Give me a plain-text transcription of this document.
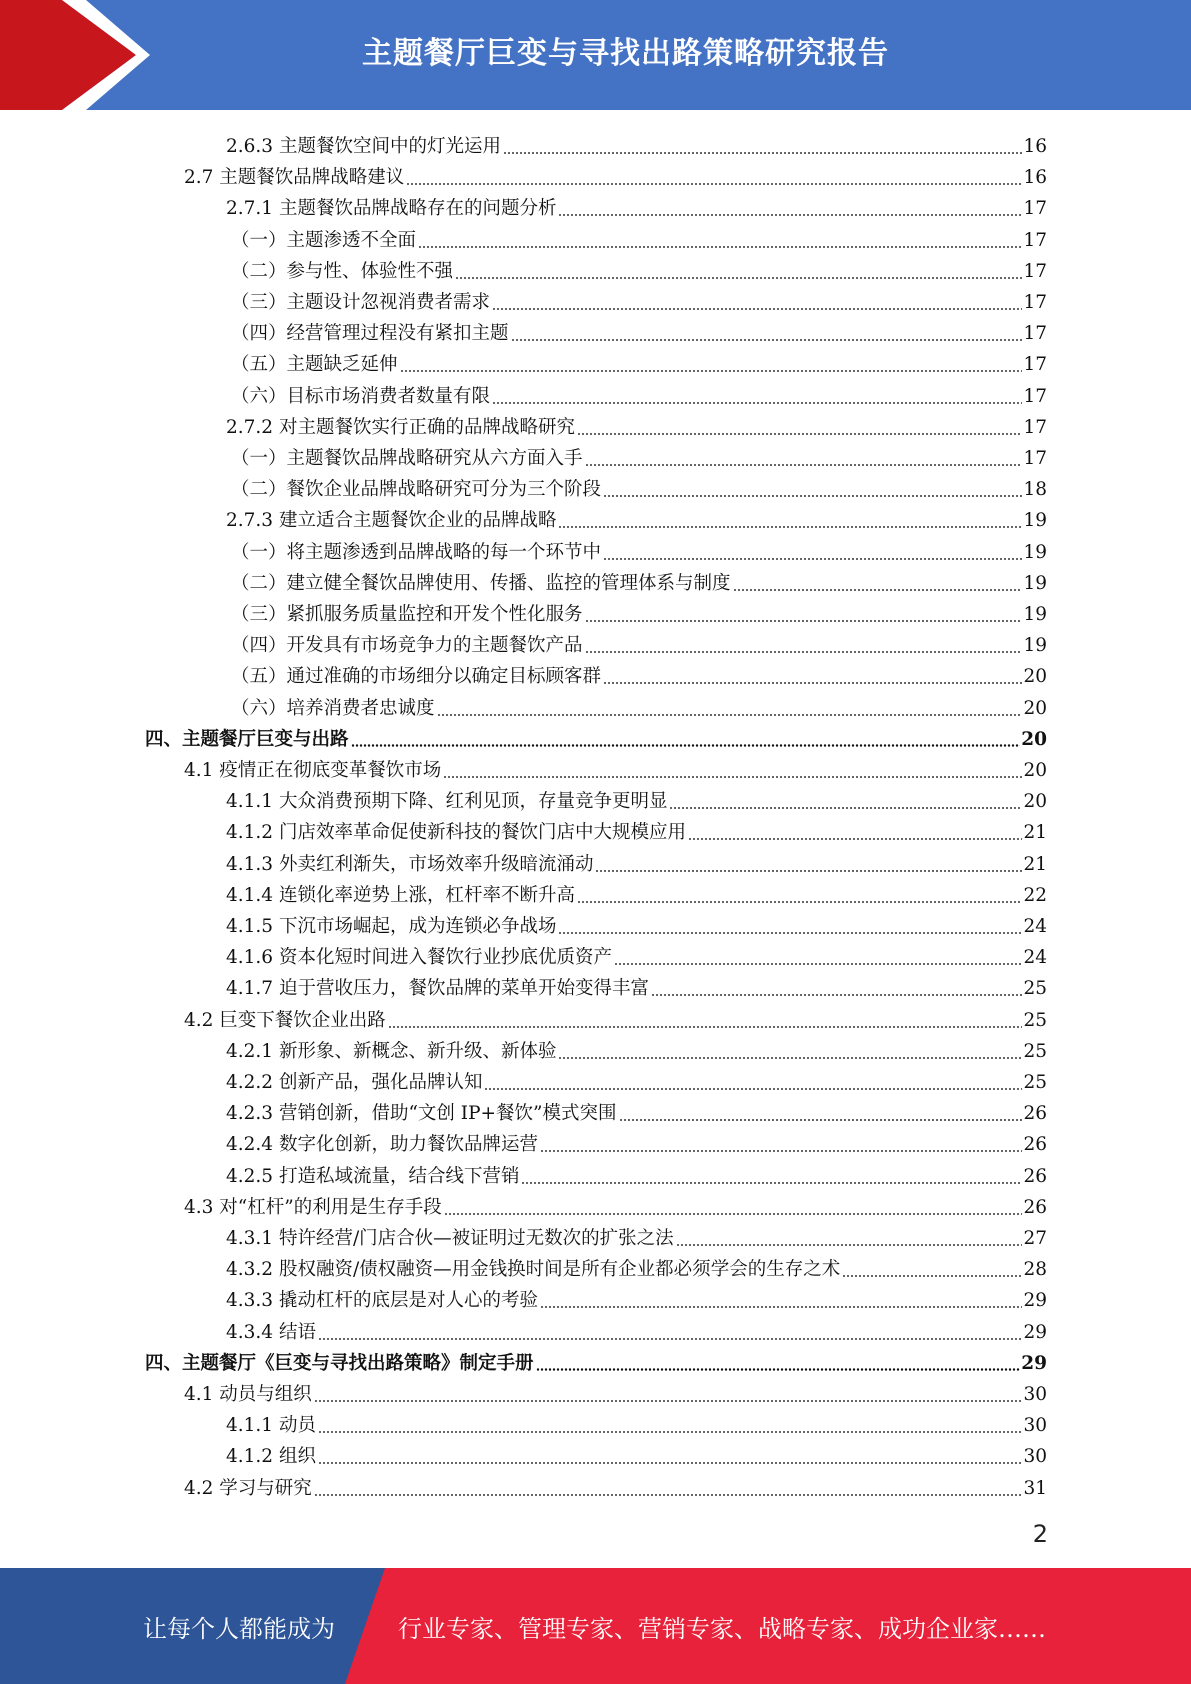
主题餐厅巨变与寻找出路策略研究报告
2.6.3 主题餐饮空间中的灯光运用	16
2.7 主题餐饮品牌战略建议	16
2.7.1 主题餐饮品牌战略存在的问题分析	17
（一）主题渗透不全面	17
（二）参与性、体验性不强	17
（三）主题设计忽视消费者需求	17
（四）经营管理过程没有紧扣主题	17
（五）主题缺乏延伸	17
（六）目标市场消费者数量有限	17
2.7.2 对主题餐饮实行正确的品牌战略研究	17
（一）主题餐饮品牌战略研究从六方面入手	17
（二）餐饮企业品牌战略研究可分为三个阶段	18
2.7.3 建立适合主题餐饮企业的品牌战略	19
（一）将主题渗透到品牌战略的每一个环节中	19
（二）建立健全餐饮品牌使用、传播、监控的管理体系与制度	19
（三）紧抓服务质量监控和开发个性化服务	19
（四）开发具有市场竞争力的主题餐饮产品	19
（五）通过准确的市场细分以确定目标顾客群	20
（六）培养消费者忠诚度	20
四、主题餐厅巨变与出路	20
4.1 疫情正在彻底变革餐饮市场	20
4.1.1 大众消费预期下降、红利见顶，存量竞争更明显	20
4.1.2 门店效率革命促使新科技的餐饮门店中大规模应用	21
4.1.3 外卖红利渐失，市场效率升级暗流涌动	21
4.1.4 连锁化率逆势上涨，杠杆率不断升高	22
4.1.5 下沉市场崛起，成为连锁必争战场	24
4.1.6 资本化短时间进入餐饮行业抄底优质资产	24
4.1.7 迫于营收压力，餐饮品牌的菜单开始变得丰富	25
4.2 巨变下餐饮企业出路	25
4.2.1 新形象、新概念、新升级、新体验	25
4.2.2 创新产品，强化品牌认知	25
4.2.3 营销创新，借助“文创 IP+餐饮”模式突围	26
4.2.4 数字化创新，助力餐饮品牌运营	26
4.2.5 打造私域流量，结合线下营销	26
4.3 对“杠杆”的利用是生存手段	26
4.3.1 特许经营/门店合伙—被证明过无数次的扩张之法	27
4.3.2 股权融资/债权融资—用金钱换时间是所有企业都必须学会的生存之术	28
4.3.3 撬动杠杆的底层是对人心的考验	29
4.3.4 结语	29
四、主题餐厅《巨变与寻找出路策略》制定手册	29
4.1 动员与组织	30
4.1.1 动员	30
4.1.2 组织	30
4.2 学习与研究	31
2
让每个人都能成为	行业专家、管理专家、营销专家、战略专家、成功企业家……
